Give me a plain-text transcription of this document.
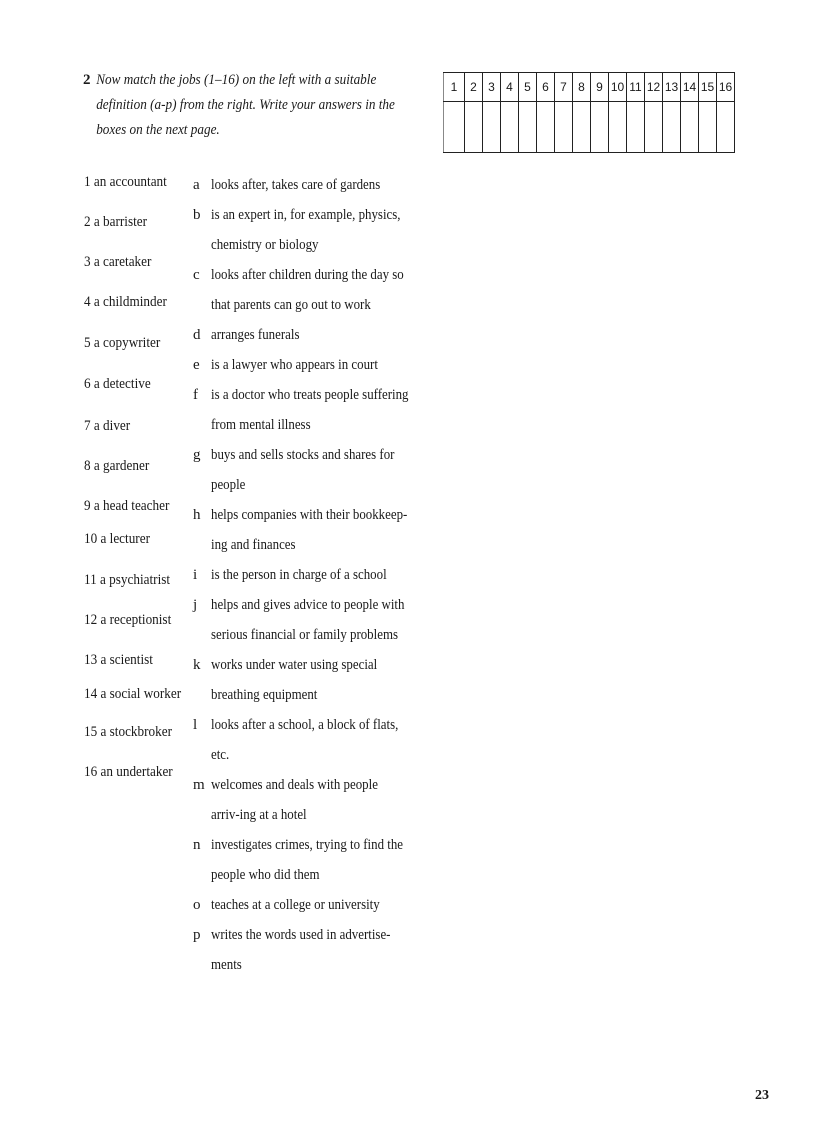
2 Now match the jobs (1–16) on the left with a suitable definition (a-p) from the right. Write your answers in the boxes on the next page.
1	2	3	4	5	6	7	8	9	10	11	12	13	14	15	16

1 an accountant
2 a barrister
3 a caretaker
4 a childminder
5 a copywriter
6 a detective
7 a diver
8 a gardener
9 a head teacher
10 a lecturer
11 a psychiatrist
12 a receptionist
13 a scientist
14 a social worker
15 a stockbroker
16 an undertaker
a looks after, takes care of gardens
b is an expert in, for example, physics, chemistry or biology
c looks after children during the day so that parents can go out to work
d arranges funerals
e is a lawyer who appears in court
f is a doctor who treats people suffering from mental illness
g buys and sells stocks and shares for people
h helps companies with their bookkeep-ing and finances
i is the person in charge of a school
j helps and gives advice to people with serious financial or family problems
k works under water using special breathing equipment
l looks after a school, a block of flats, etc.
m welcomes and deals with people arriv-ing at a hotel
n investigates crimes, trying to find the people who did them
o teaches at a college or university
p writes the words used in advertise-ments
23
